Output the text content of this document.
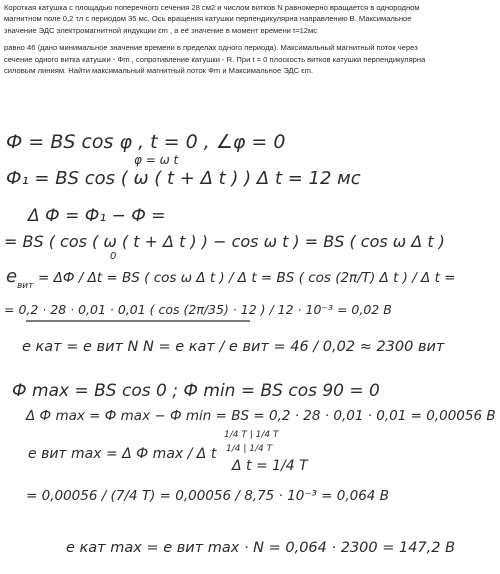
Короткая катушка с площадью поперечного сечения 28 см2 и числом витков N равномерно вращается в однородном магнитном поле 0,2 тл с периодом 35 мс. Ось вращения катушки перпендикулярна направлению В. Максимальное значение ЭДС электромагнитной индукции εm , а её значение в момент времени t=12мс

равно 46 (дано минимальное значение времени в пределах одного периода). Максимальный магнитный поток через сечение одного витка катушки - Фm , сопротивление катушки - R. При t = 0 плоскость витков катушки перпендикулярна силовым линиям. Найти максимальный магнитный поток Фm и Максимальное ЭДС εm.

Ф = BS cos φ , t = 0 , ∠φ = 0
φ = ω t
Ф₁ = BS cos ( ω ( t + Δ t ) ) Δ t = 12 мс
Δ Ф = Ф₁ − Ф =
= BS ( cos ( ω ( t + Δ t ) ) − cos ω t ) = BS ( cos ω Δ t )
0
e вит = ΔФ / Δt = BS ( cos ω Δ t ) / Δ t = BS ( cos (2π/T) Δ t ) / Δ t =
= 0,2 · 28 · 0,01 · 0,01 ( cos (2π/35) · 12 ) / 12 · 10⁻³ = 0,02 B
e кат = e вит N N = e кат / e вит = 46 / 0,02 ≈ 2300 вит
Ф max = BS cos 0 ; Ф min = BS cos 90 = 0
Δ Ф max = Ф max − Ф min = BS = 0,2 · 28 · 0,01 · 0,01 = 0,00056 B
e вит max = Δ Ф max / Δ t
1/4 T | 1/4 T
1/4 | 1/4 T
Δ t = 1/4 T
= 0,00056 / (7/4 T) = 0,00056 / 8,75 · 10⁻³ = 0,064 B
e кат max = e вит max · N = 0,064 · 2300 = 147,2 B
